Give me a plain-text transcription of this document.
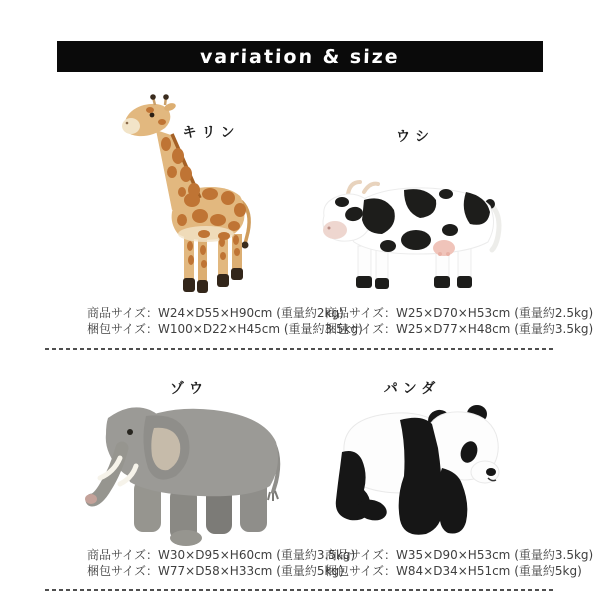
variation & size
キリン
商品サイズ：W24×D55×H90cm (重量約2kg)
梱包サイズ：W100×D22×H45cm (重量約3.5kg)
ウシ
商品サイズ：W25×D70×H53cm (重量約2.5kg)
梱包サイズ：W25×D77×H48cm (重量約3.5kg)
ゾウ
商品サイズ：W30×D95×H60cm (重量約3.5kg)
梱包サイズ：W77×D58×H33cm (重量約5kg)
パンダ
商品サイズ：W35×D90×H53cm (重量約3.5kg)
梱包サイズ：W84×D34×H51cm (重量約5kg)
